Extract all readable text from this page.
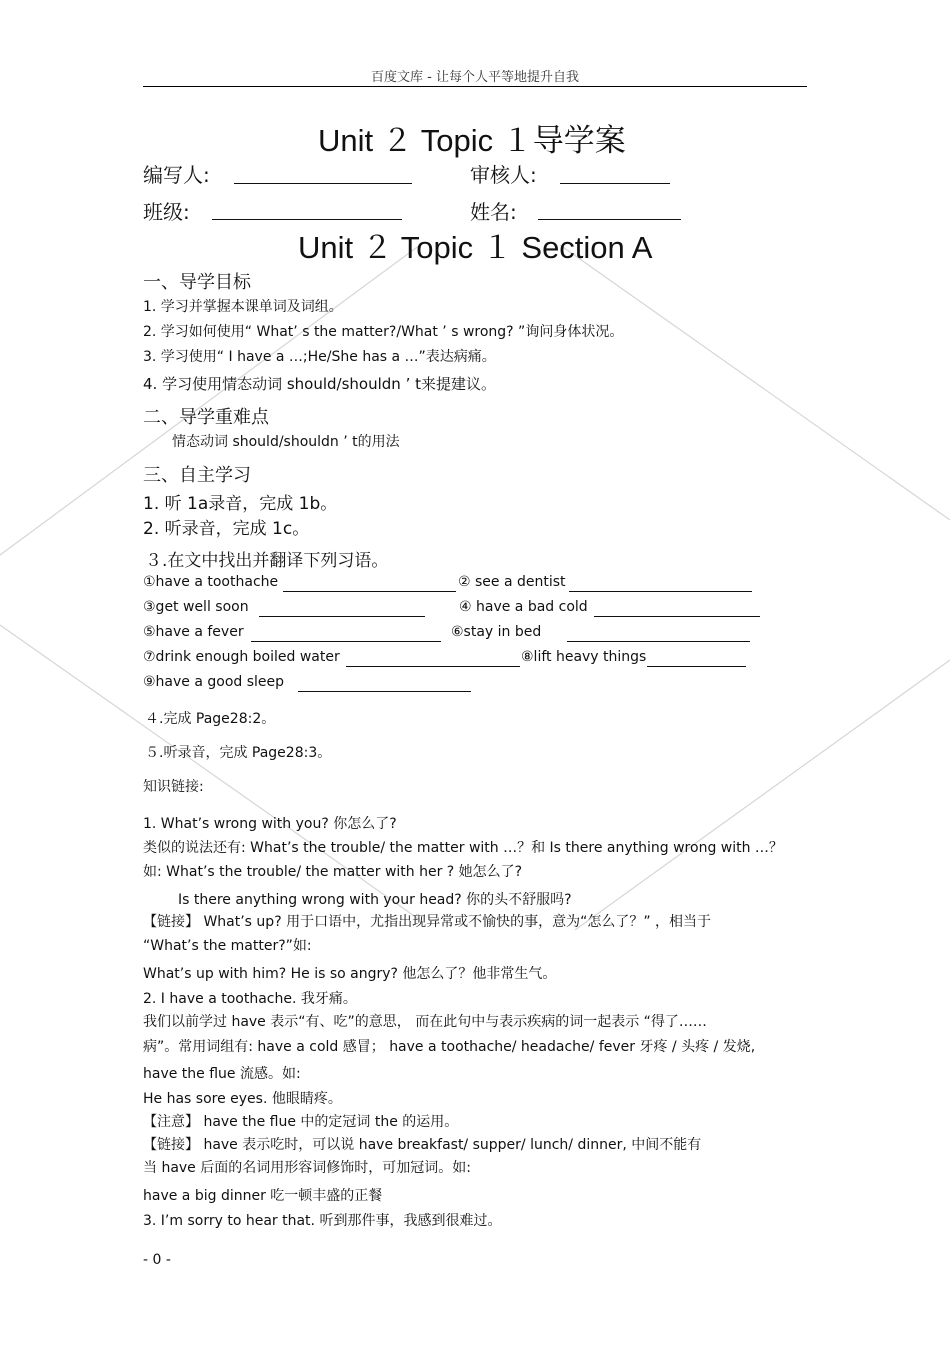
百度文库 - 让每个人平等地提升自我
Unit ２ Topic １导学案
编写人:	审核人:
班级:	姓名:
Unit ２ Topic １ Section A
一、导学目标
1. 学习并掌握本课单词及词组。
2. 学习如何使用“ What’ s the matter?/What ’ s wrong? ”询问身体状况。
3. 学习使用“ I have a …;He/She has a …”表达病痛。
4. 学习使用情态动词 should/shouldn ’ t来提建议。
二、导学重难点
情态动词 should/shouldn ’ t的用法
三、自主学习
1. 听 1a录音，完成 1b。
2. 听录音，完成 1c。
３.在文中找出并翻译下列习语。
①have a toothache	② see a dentist
③get well soon	④ have a bad cold
⑤have a fever	⑥stay in bed
⑦drink enough boiled water	⑧lift heavy things
⑨have a good sleep
４.完成 Page28:2。
５.听录音，完成 Page28:3。
知识链接:
1. What’s wrong with you? 你怎么了?
类似的说法还有: What’s the trouble/ the matter with …？和 Is there anything wrong with …？
如: What’s the trouble/ the matter with her ? 她怎么了?
Is there anything wrong with your head? 你的头不舒服吗?
【链接】 What’s up? 用于口语中，尤指出现异常或不愉快的事，意为“怎么了？” ，相当于
“What’s the matter?”如:
What’s up with him? He is so angry? 他怎么了？他非常生气。
2. I have a toothache. 我牙痛。
我们以前学过 have 表示“有、吃”的意思， 而在此句中与表示疾病的词一起表示 “得了……
病”。常用词组有: have a cold 感冒； have a toothache/ headache/ fever 牙疼 / 头疼 / 发烧,
have the flue 流感。如:
He has sore eyes. 他眼睛疼。
【注意】 have the flue 中的定冠词 the 的运用。
【链接】 have 表示吃时，可以说 have breakfast/ supper/ lunch/ dinner, 中间不能有
当 have 后面的名词用形容词修饰时，可加冠词。如:
have a big dinner 吃一顿丰盛的正餐
3. I’m sorry to hear that. 听到那件事，我感到很难过。
- 0 -
